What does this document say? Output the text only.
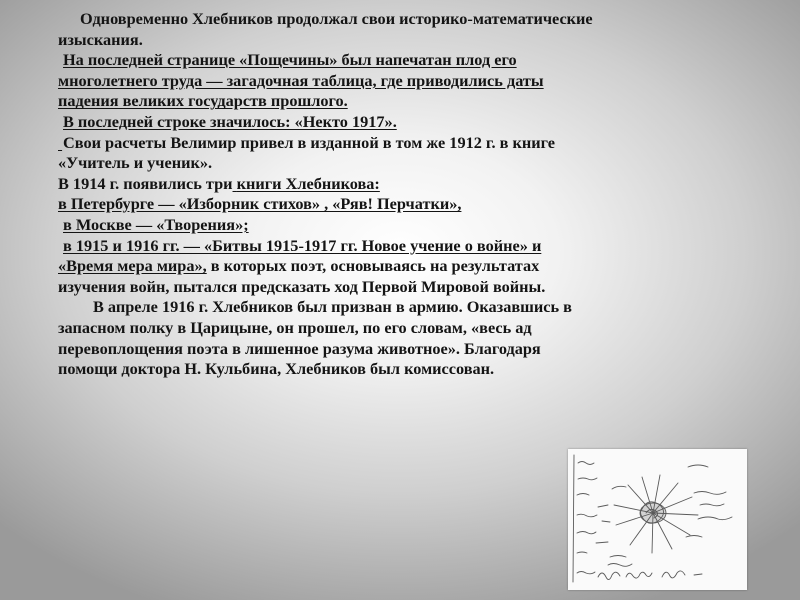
Одновременно Хлебников продолжал свои историко-математические
изыскания.
На последней странице «Пощечины» был напечатан плод его
многолетнего труда — загадочная таблица, где приводились даты
падения великих государств прошлого.
В последней строке значилось: «Некто 1917».
Свои расчеты Велимир привел в изданной в том же 1912 г. в книге
«Учитель и ученик».
В 1914 г. появились три книги Хлебникова:
в Петербурге — «Изборник стихов» , «Ряв! Перчатки»,
в Москве — «Творения»;
в 1915 и 1916 гг. — «Битвы 1915-1917 гг. Новое учение о войне» и
«Время мера мира», в которых поэт, основываясь на результатах
изучения войн, пытался предсказать ход Первой Мировой войны.
В апреле 1916 г. Хлебников был призван в армию. Оказавшись в
запасном полку в Царицыне, он прошел, по его словам, «весь ад
перевоплощения поэта в лишенное разума животное». Благодаря
помощи доктора Н. Кульбина, Хлебников был комиссован.
